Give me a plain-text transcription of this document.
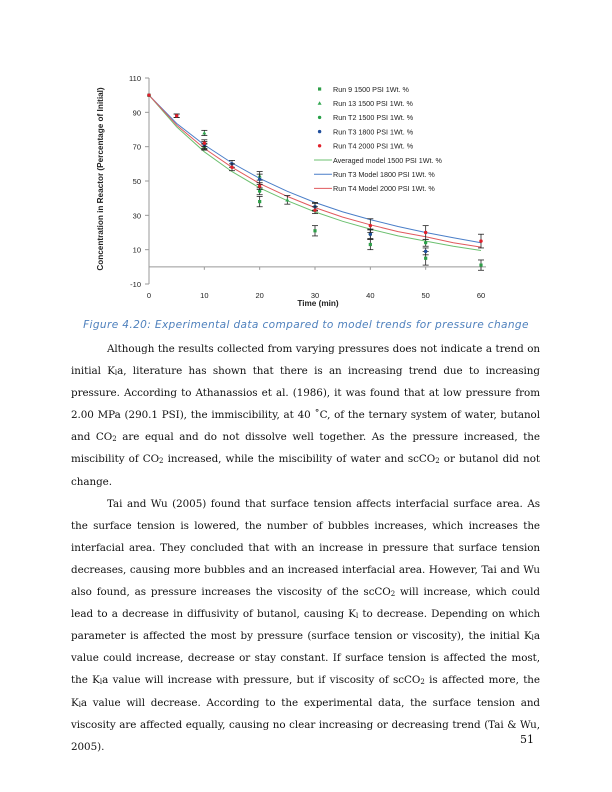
-10
10
30
50
70
90
110
0	10	20	30	40	50	60
Run 9 1500 PSI 1Wt. %
Run 13 1500 PSI 1Wt. %
Run T2 1500 PSI 1Wt. %
Run T3 1800 PSI 1Wt. %
Run T4 2000 PSI 1Wt. %
Averaged model 1500 PSI 1Wt. %
Run T3 Model 1800 PSI 1Wt. %
Run T4 Model 2000 PSI 1Wt. %
Concentration in Reactor (Percentage of Initial)
Time (min)
Figure 4.20: Experimental data compared to model trends for pressure change

Although the results collected from varying pressures does not indicate a trend on initial $K_la$, literature has shown that there is an increasing trend due to increasing pressure. According to Athanassios et al. (1986), it was found that at low pressure from 2.00 MPa (290.1 PSI), the immiscibility, at 40 ˚C, of the ternary system of water, butanol and $CO_2$ are equal and do not dissolve well together. As the pressure increased, the miscibility of $CO_2$ increased, while the miscibility of water and scCO$_2$ or butanol did not change.

Tai and Wu (2005) found that surface tension affects interfacial surface area. As the surface tension is lowered, the number of bubbles increases, which increases the interfacial area. They concluded that with an increase in pressure that surface tension decreases, causing more bubbles and an increased interfacial area. However, Tai and Wu also found, as pressure increases the viscosity of the scCO$_2$ will increase, which could lead to a decrease in diffusivity of butanol, causing $K_l$ to decrease. Depending on which parameter is affected the most by pressure (surface tension or viscosity), the initial $K_la$ value could increase, decrease or stay constant. If surface tension is affected the most, the $K_la$ value will increase with pressure, but if viscosity of scCO$_2$ is affected more, the $K_la$ value will decrease. According to the experimental data, the surface tension and viscosity are affected equally, causing no clear increasing or decreasing trend (Tai & Wu, 2005).

51
